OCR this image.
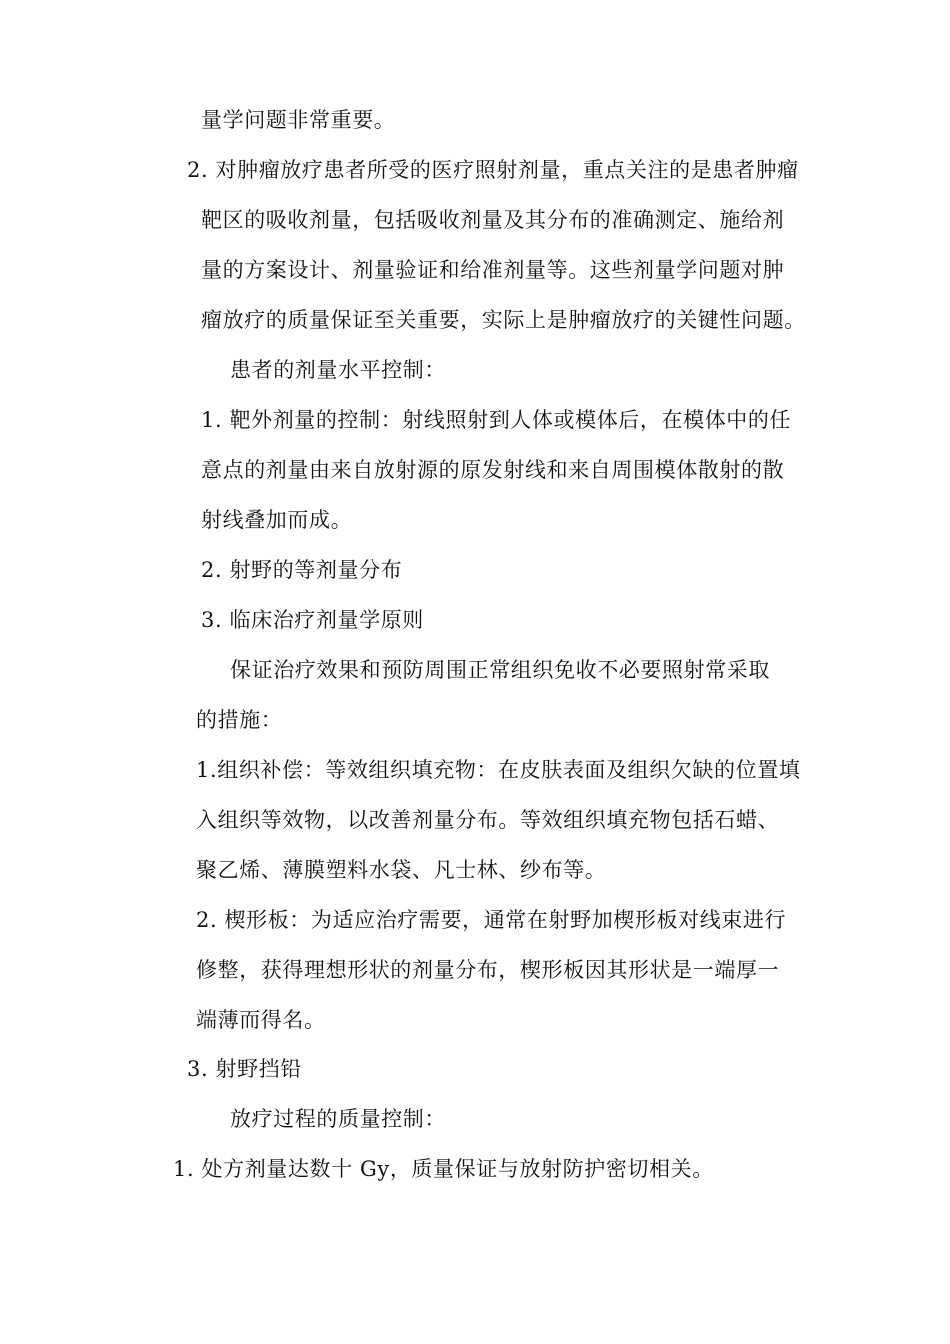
量学问题非常重要。
2. 对肿瘤放疗患者所受的医疗照射剂量，重点关注的是患者肿瘤
靶区的吸收剂量，包括吸收剂量及其分布的准确测定、施给剂
量的方案设计、剂量验证和给准剂量等。这些剂量学问题对肿
瘤放疗的质量保证至关重要，实际上是肿瘤放疗的关键性问题。
患者的剂量水平控制：
1. 靶外剂量的控制：射线照射到人体或模体后，在模体中的任
意点的剂量由来自放射源的原发射线和来自周围模体散射的散
射线叠加而成。
2. 射野的等剂量分布
3. 临床治疗剂量学原则
保证治疗效果和预防周围正常组织免收不必要照射常采取
的措施：
1.组织补偿：等效组织填充物：在皮肤表面及组织欠缺的位置填
入组织等效物，以改善剂量分布。等效组织填充物包括石蜡、
聚乙烯、薄膜塑料水袋、凡士林、纱布等。
2. 楔形板：为适应治疗需要，通常在射野加楔形板对线束进行
修整，获得理想形状的剂量分布，楔形板因其形状是一端厚一
端薄而得名。
3. 射野挡铅
放疗过程的质量控制：
1. 处方剂量达数十 Gy，质量保证与放射防护密切相关。
